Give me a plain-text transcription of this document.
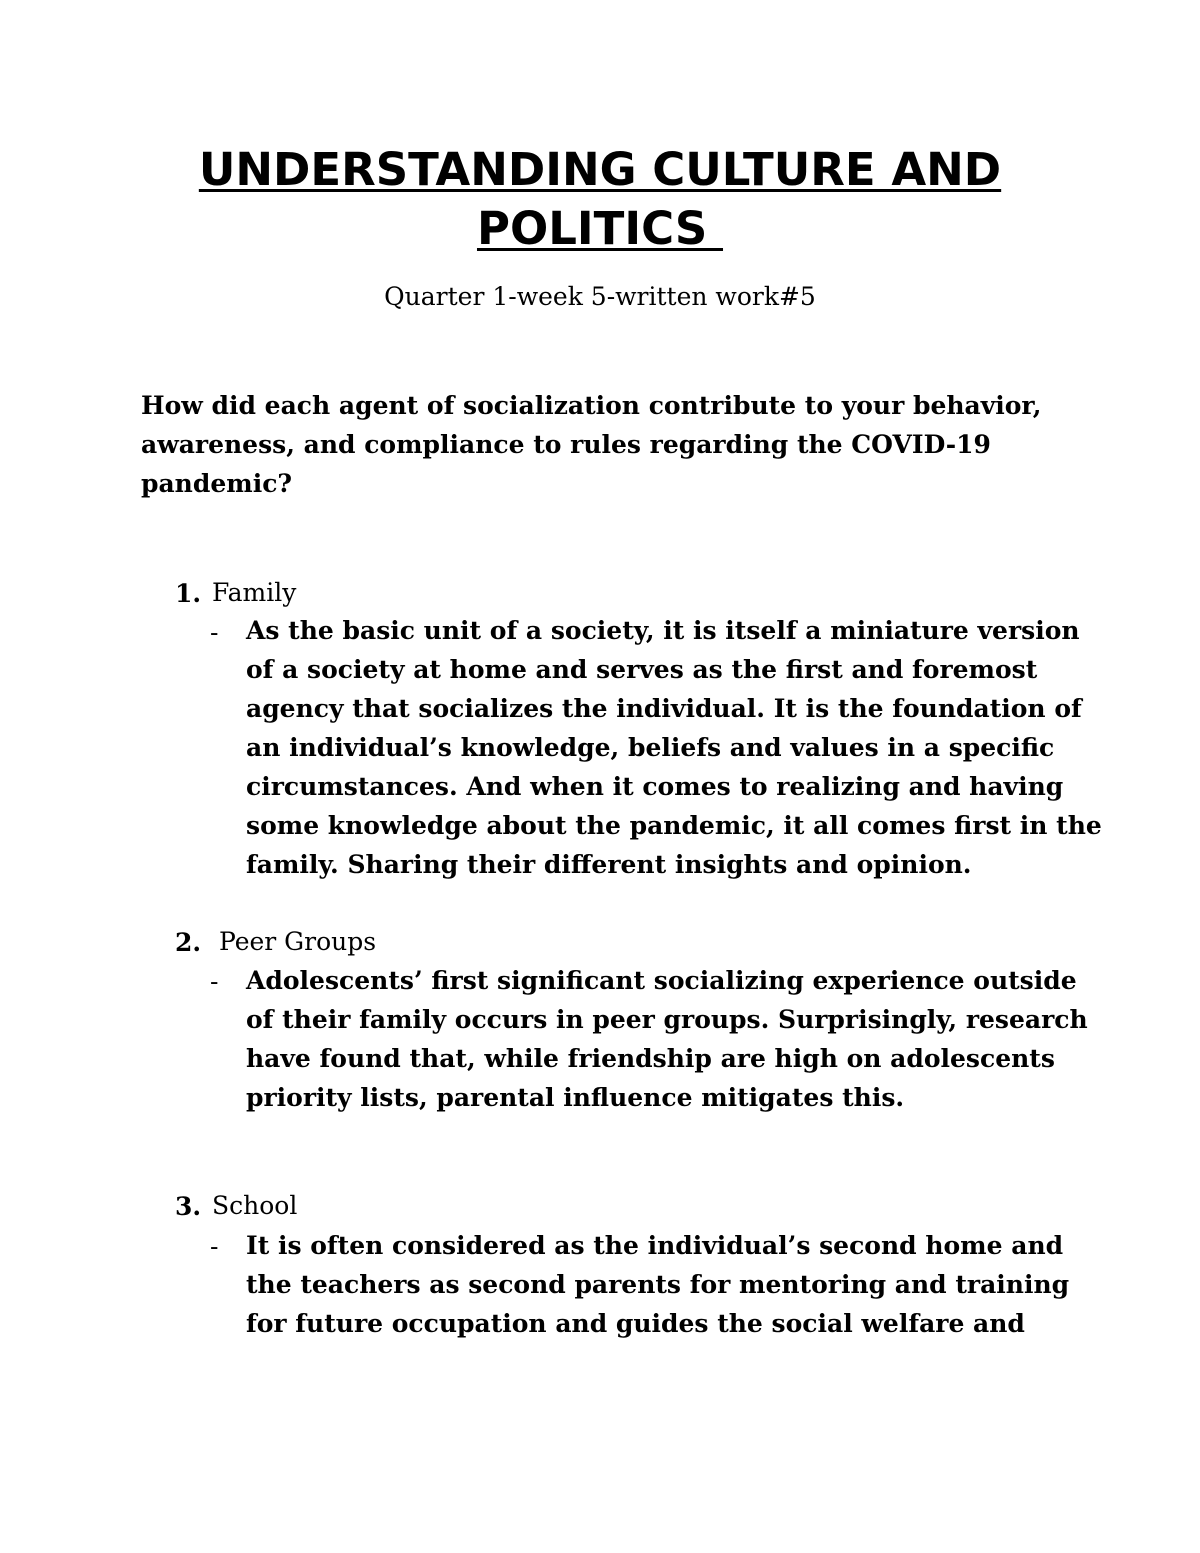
UNDERSTANDING CULTURE AND
POLITICS
Quarter 1-week 5-written work#5
How did each agent of socialization contribute to your behavior,
awareness, and compliance to rules regarding the COVID-19
pandemic?
1. Family
- As the basic unit of a society, it is itself a miniature version
of a society at home and serves as the first and foremost
agency that socializes the individual. It is the foundation of
an individual’s knowledge, beliefs and values in a specific
circumstances. And when it comes to realizing and having
some knowledge about the pandemic, it all comes first in the
family. Sharing their different insights and opinion.
2. Peer Groups
- Adolescents’ first significant socializing experience outside
of their family occurs in peer groups. Surprisingly, research
have found that, while friendship are high on adolescents
priority lists, parental influence mitigates this.
3. School
- It is often considered as the individual’s second home and
the teachers as second parents for mentoring and training
for future occupation and guides the social welfare and
